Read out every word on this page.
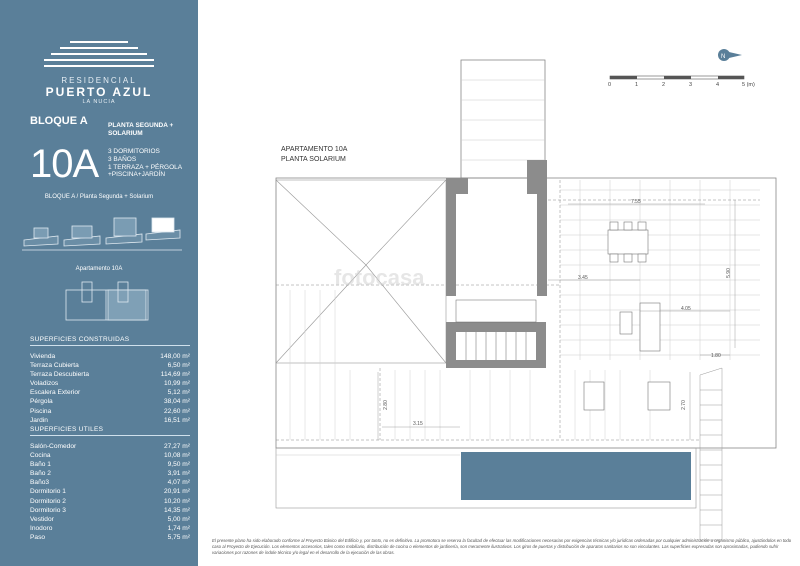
RESIDENCIAL
PUERTO AZUL
LA NUCIA
BLOQUE A	PLANTA SEGUNDA + SOLARIUM
10A 3 DORMITORIOS
3 BAÑOS
1 TERRAZA + PÉRGOLA
+PISCINA+JARDÍN
BLOQUE A / Planta Segunda + Solarium
Apartamento 10A
SUPERFICIES CONSTRUIDAS
Vivienda	148,00 m²
Terraza Cubierta	6,50 m²
Terraza Descubierta	114,69 m²
Voladizos	10,99 m²
Escalera Exterior	5,12 m²
Pérgola	38,04 m²
Piscina	22,60 m²
Jardin	16,51 m²
SUPERFICIES UTILES
Salón-Comedor	27,27 m²
Cocina	10,08 m²
Baño 1	9,50 m²
Baño 2	3,91 m²
Baño3	4,07 m²
Dormitorio 1	20,91 m²
Dormitorio 2	10,20 m²
Dormitorio 3	14,35 m²
Vestidor	5,00 m²
Inodoro	1,74 m²
Paso	5,75 m²
N
7.55
3.45
5.90
4.05
1.80
2.80	2.70
3.15
fotocasa
APARTAMENTO 10A
PLANTA SOLARIUM
0	1	2	3	4	5 (m)
El presente plano ha sido elaborado conforme al Proyecto Básico del Edificio y, por tanto, no es definitivo. La promotora se reserva la facultad de efectuar las modificaciones necesarias por exigencias técnicas y/o jurídicas ordenadas por cualquier administración u organismo público, ajustándolos en todo caso al Proyecto de Ejecución. Los elementos accesorios, tales como mobiliario, distribución de cocina o elementos de jardinería, son meramente ilustrativos. Los giros de puertas y distribución de aparatos sanitarios no son vinculantes. Las superficies expresadas son aproximadas, pudiendo sufrir variaciones por razones de índole técnico y/o legal en el desarrollo de la ejecución de las obras.
